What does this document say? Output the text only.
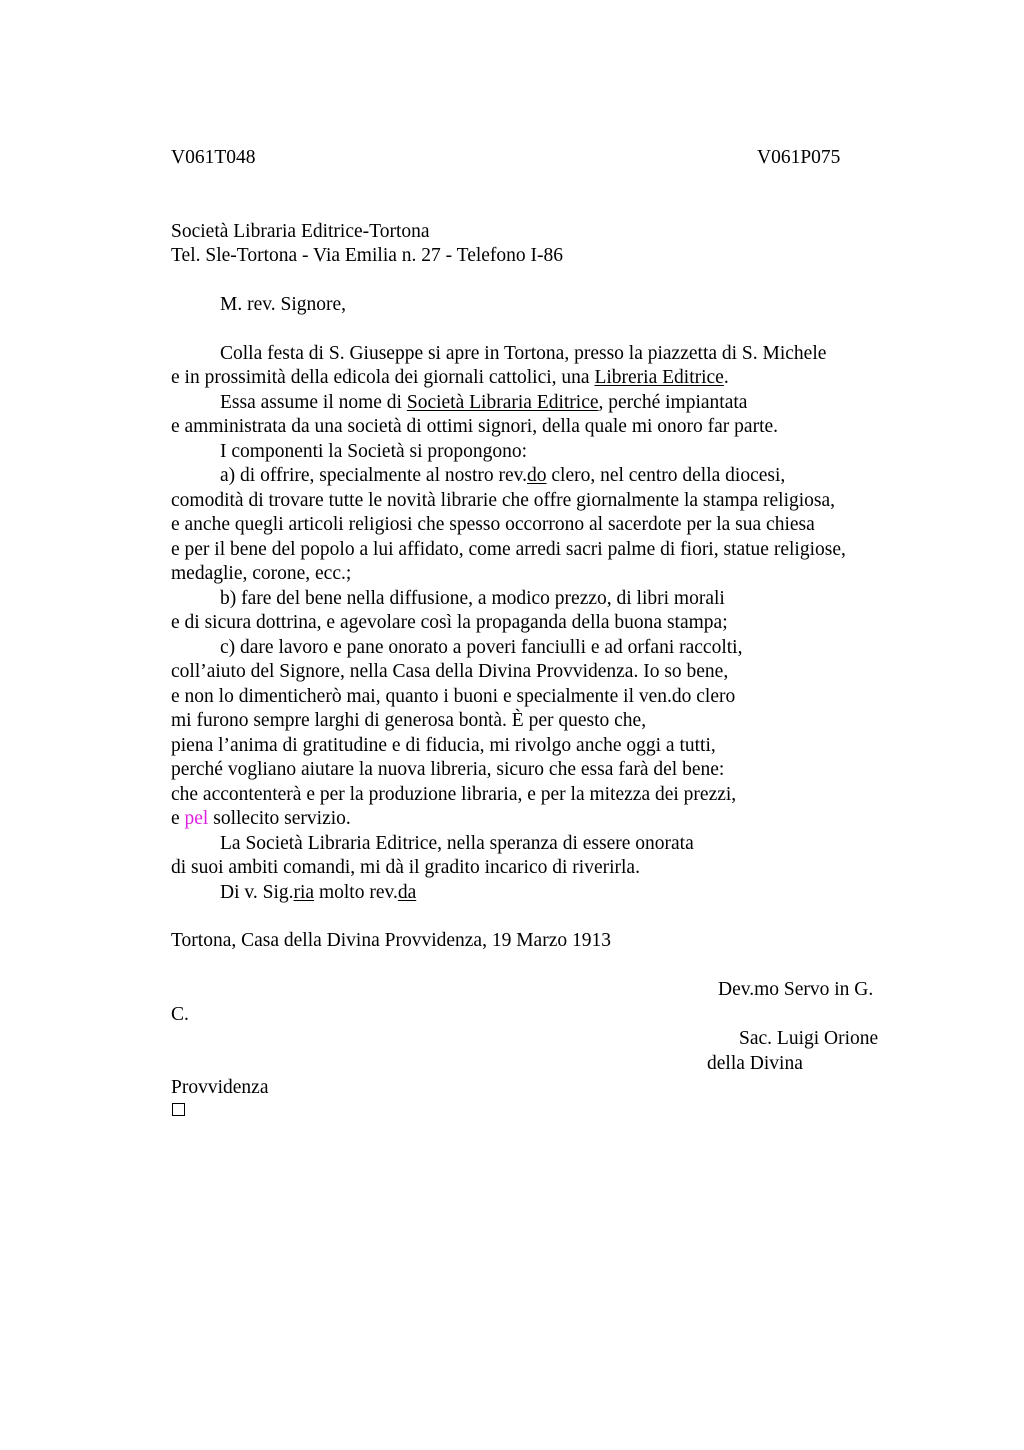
V061T048	V061P075
Società Libraria Editrice-Tortona
Tel. Sle-Tortona - Via Emilia n. 27 - Telefono I-86
M. rev. Signore,
Colla festa di S. Giuseppe si apre in Tortona, presso la piazzetta di S. Michele
e in prossimità della edicola dei giornali cattolici, una Libreria Editrice.
Essa assume il nome di Società Libraria Editrice, perché impiantata
e amministrata da una società di ottimi signori, della quale mi onoro far parte.
I componenti la Società si propongono:
a) di offrire, specialmente al nostro rev.do clero, nel centro della diocesi,
comodità di trovare tutte le novità librarie che offre giornalmente la stampa religiosa,
e anche quegli articoli religiosi che spesso occorrono al sacerdote per la sua chiesa
e per il bene del popolo a lui affidato, come arredi sacri palme di fiori, statue religiose,
medaglie, corone, ecc.;
b) fare del bene nella diffusione, a modico prezzo, di libri morali
e di sicura dottrina, e agevolare così la propaganda della buona stampa;
c) dare lavoro e pane onorato a poveri fanciulli e ad orfani raccolti,
coll’aiuto del Signore, nella Casa della Divina Provvidenza. Io so bene,
e non lo dimenticherò mai, quanto i buoni e specialmente il ven.do clero
mi furono sempre larghi di generosa bontà. È per questo che,
piena l’anima di gratitudine e di fiducia, mi rivolgo anche oggi a tutti,
perché vogliano aiutare la nuova libreria, sicuro che essa farà del bene:
che accontenterà e per la produzione libraria, e per la mitezza dei prezzi,
e pel sollecito servizio.
La Società Libraria Editrice, nella speranza di essere onorata
di suoi ambiti comandi, mi dà il gradito incarico di riverirla.
Di v. Sig.ria molto rev.da
Tortona, Casa della Divina Provvidenza, 19 Marzo 1913
Dev.mo Servo in G.
C.
Sac. Luigi Orione
della Divina
Provvidenza
